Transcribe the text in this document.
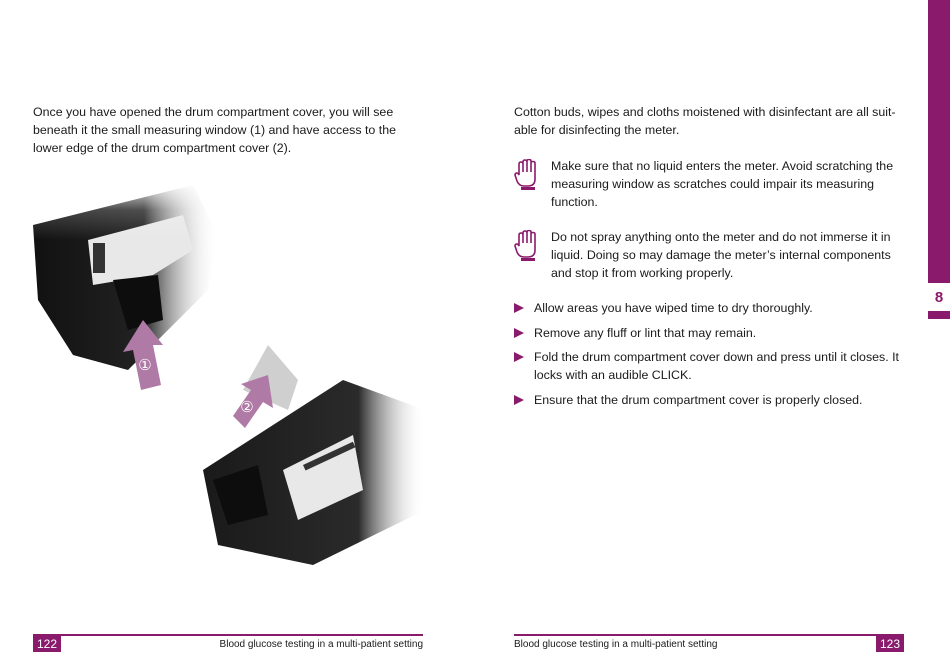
8

Once you have opened the drum compartment cover, you will see beneath it the small measuring window (1) and have access to the lower edge of the drum compartment cover (2).

①
②
122	Blood glucose testing in a multi-patient setting

Cotton buds, wipes and cloths moistened with disinfectant are all suit-able for disinfecting the meter.

Make sure that no liquid enters the meter. Avoid scratching the measuring window as scratches could impair its measuring function.

Do not spray anything onto the meter and do not immerse it in liquid. Doing so may damage the meter’s internal components and stop it from working properly.

Allow areas you have wiped time to dry thoroughly.
Remove any fluff or lint that may remain.
Fold the drum compartment cover down and press until it closes. It locks with an audible CLICK.
Ensure that the drum compartment cover is properly closed.
Blood glucose testing in a multi-patient setting	123
